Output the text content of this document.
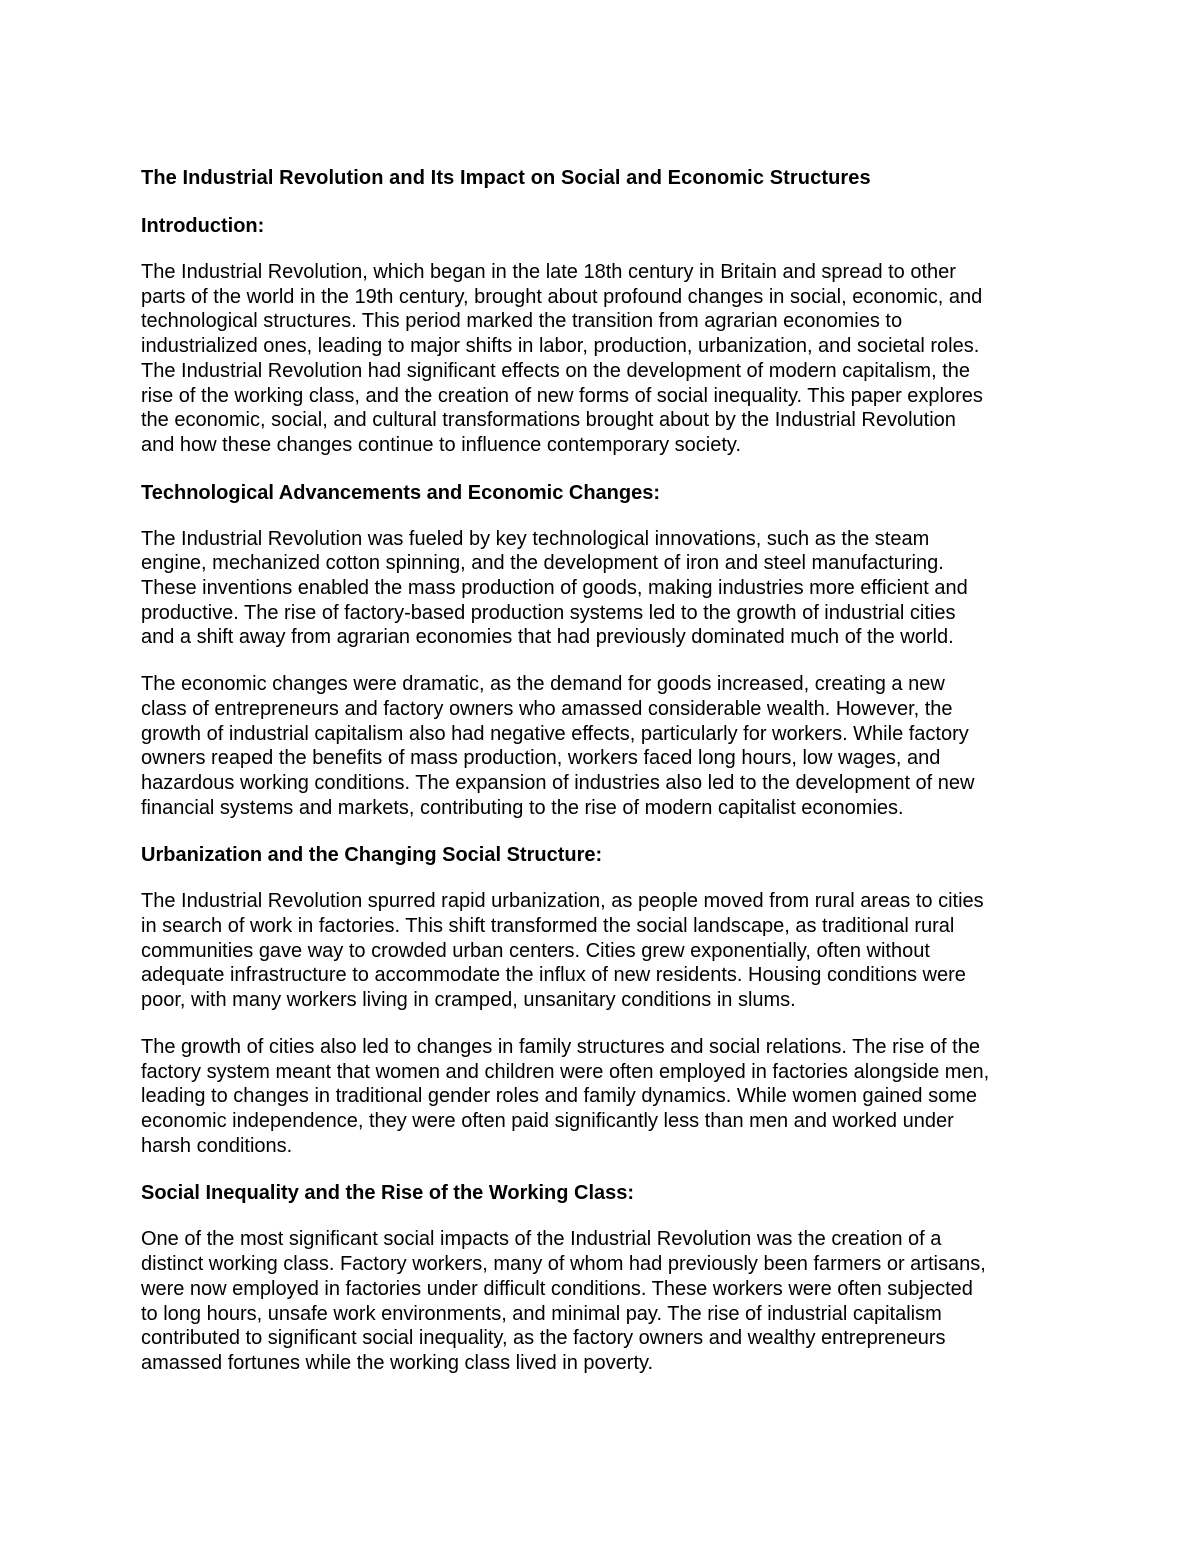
The Industrial Revolution and Its Impact on Social and Economic Structures
Introduction:

The Industrial Revolution, which began in the late 18th century in Britain and spread to other
parts of the world in the 19th century, brought about profound changes in social, economic, and
technological structures. This period marked the transition from agrarian economies to
industrialized ones, leading to major shifts in labor, production, urbanization, and societal roles.
The Industrial Revolution had significant effects on the development of modern capitalism, the
rise of the working class, and the creation of new forms of social inequality. This paper explores
the economic, social, and cultural transformations brought about by the Industrial Revolution
and how these changes continue to influence contemporary society.

Technological Advancements and Economic Changes:

The Industrial Revolution was fueled by key technological innovations, such as the steam
engine, mechanized cotton spinning, and the development of iron and steel manufacturing.
These inventions enabled the mass production of goods, making industries more efficient and
productive. The rise of factory-based production systems led to the growth of industrial cities
and a shift away from agrarian economies that had previously dominated much of the world.

The economic changes were dramatic, as the demand for goods increased, creating a new
class of entrepreneurs and factory owners who amassed considerable wealth. However, the
growth of industrial capitalism also had negative effects, particularly for workers. While factory
owners reaped the benefits of mass production, workers faced long hours, low wages, and
hazardous working conditions. The expansion of industries also led to the development of new
financial systems and markets, contributing to the rise of modern capitalist economies.

Urbanization and the Changing Social Structure:

The Industrial Revolution spurred rapid urbanization, as people moved from rural areas to cities
in search of work in factories. This shift transformed the social landscape, as traditional rural
communities gave way to crowded urban centers. Cities grew exponentially, often without
adequate infrastructure to accommodate the influx of new residents. Housing conditions were
poor, with many workers living in cramped, unsanitary conditions in slums.

The growth of cities also led to changes in family structures and social relations. The rise of the
factory system meant that women and children were often employed in factories alongside men,
leading to changes in traditional gender roles and family dynamics. While women gained some
economic independence, they were often paid significantly less than men and worked under
harsh conditions.

Social Inequality and the Rise of the Working Class:

One of the most significant social impacts of the Industrial Revolution was the creation of a
distinct working class. Factory workers, many of whom had previously been farmers or artisans,
were now employed in factories under difficult conditions. These workers were often subjected
to long hours, unsafe work environments, and minimal pay. The rise of industrial capitalism
contributed to significant social inequality, as the factory owners and wealthy entrepreneurs
amassed fortunes while the working class lived in poverty.
